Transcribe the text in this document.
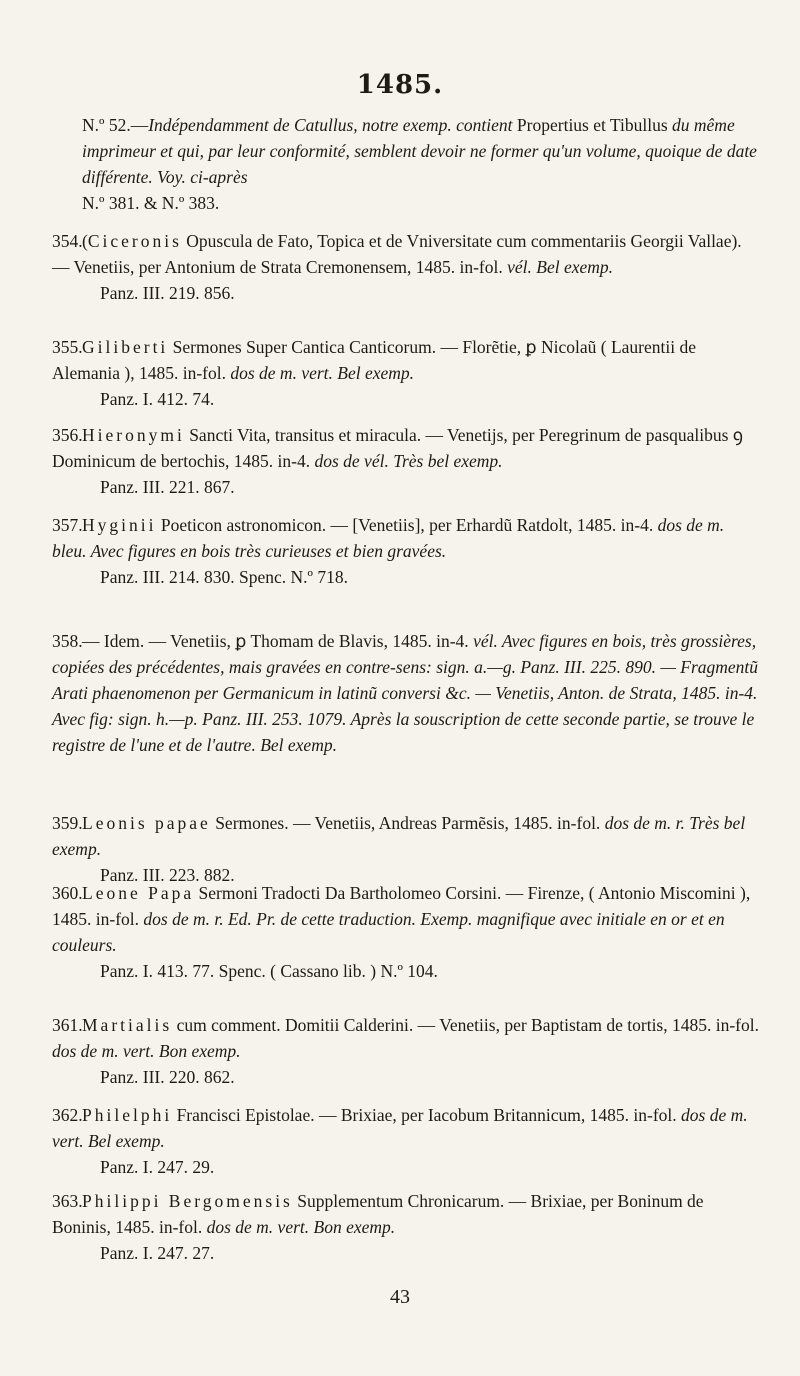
1485.
N.º 52.—Indépendamment de Catullus, notre exemp. contient Propertius et Tibullus du même imprimeur et qui, par leur conformité, semblent devoir ne former qu'un volume, quoique de date différente. Voy. ci-après
N.º 381. & N.º 383.
354.(Ciceronis Opuscula de Fato, Topica et de Vniversitate cum commentariis Georgii Vallae). — Venetiis, per Antonium de Strata Cremonensem, 1485. in-fol. vél. Bel exemp.
Panz. III. 219. 856.
355.Giliberti Sermones Super Cantica Canticorum. — Florẽtie, ꝑ Nicolaũ ( Laurentii de Alemania ), 1485. in-fol. dos de m. vert. Bel exemp.
Panz. I. 412. 74.
356.Hieronymi Sancti Vita, transitus et miracula. — Venetijs, per Peregrinum de pasqualibus ꝯ Dominicum de bertochis, 1485. in-4. dos de vél. Très bel exemp.
Panz. III. 221. 867.
357.Hyginii Poeticon astronomicon. — [Venetiis], per Erhardũ Ratdolt, 1485. in-4. dos de m. bleu. Avec figures en bois très curieuses et bien gravées.
Panz. III. 214. 830. Spenc. N.º 718.
358.— Idem. — Venetiis, ꝑ Thomam de Blavis, 1485. in-4. vél. Avec figures en bois, très grossières, copiées des précédentes, mais gravées en contre-sens: sign. a.—g. Panz. III. 225. 890. — Fragmentũ Arati phaenomenon per Germanicum in latinũ conversi &c. — Venetiis, Anton. de Strata, 1485. in-4. Avec fig: sign. h.—p. Panz. III. 253. 1079. Après la souscription de cette seconde partie, se trouve le registre de l'une et de l'autre. Bel exemp.
359.Leonis papae Sermones. — Venetiis, Andreas Parmẽsis, 1485. in-fol. dos de m. r. Très bel exemp.
Panz. III. 223. 882.
360.Leone Papa Sermoni Tradocti Da Bartholomeo Corsini. — Firenze, ( Antonio Miscomini ), 1485. in-fol. dos de m. r. Ed. Pr. de cette traduction. Exemp. magnifique avec initiale en or et en couleurs.
Panz. I. 413. 77. Spenc. ( Cassano lib. ) N.º 104.
361.Martialis cum comment. Domitii Calderini. — Venetiis, per Baptistam de tortis, 1485. in-fol. dos de m. vert. Bon exemp.
Panz. III. 220. 862.
362.Philelphi Francisci Epistolae. — Brixiae, per Iacobum Britannicum, 1485. in-fol. dos de m. vert. Bel exemp.
Panz. I. 247. 29.
363.Philippi Bergomensis Supplementum Chronicarum. — Brixiae, per Boninum de Boninis, 1485. in-fol. dos de m. vert. Bon exemp.
Panz. I. 247. 27.
43
